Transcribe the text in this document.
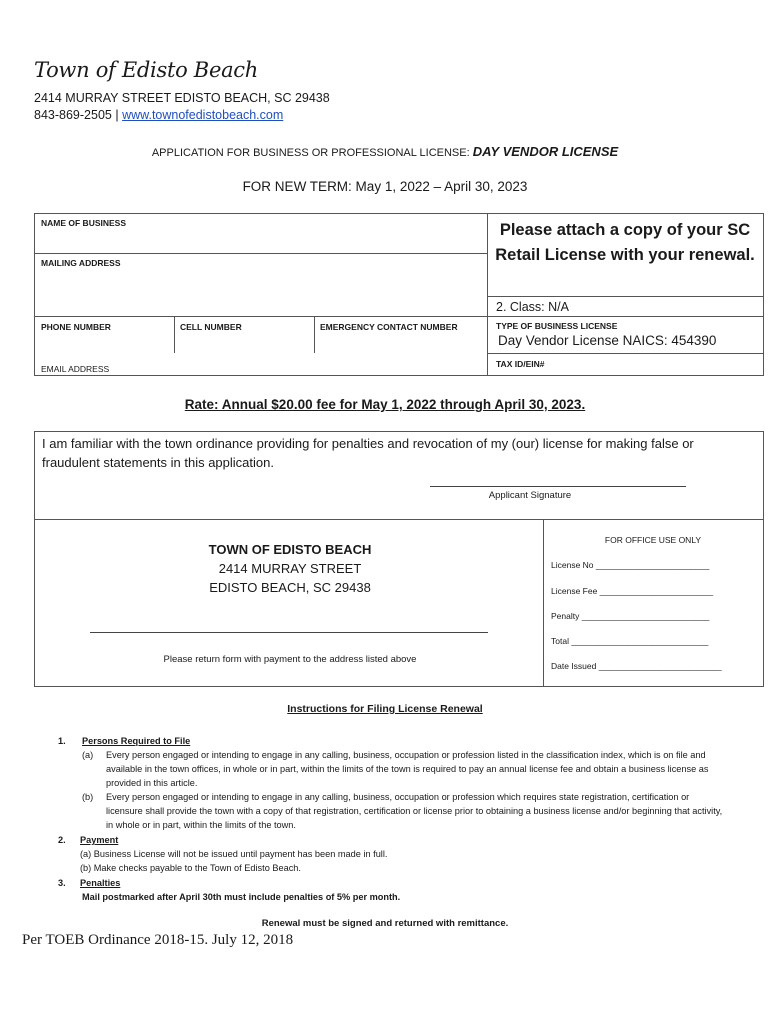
Town of Edisto Beach
2414 MURRAY STREET EDISTO BEACH, SC 29438
843-869-2505 | www.townofedistobeach.com
APPLICATION FOR BUSINESS OR PROFESSIONAL LICENSE: DAY VENDOR LICENSE
FOR NEW TERM: May 1, 2022 – April 30, 2023
NAME OF BUSINESS
MAILING ADDRESS
PHONE NUMBER	CELL NUMBER	EMERGENCY CONTACT NUMBER
EMAIL ADDRESS
Please attach a copy of your SC Retail License with your renewal.
2. Class: N/A
TYPE OF BUSINESS LICENSE
Day Vendor License NAICS: 454390
TAX ID/EIN#
Rate: Annual $20.00 fee for May 1, 2022 through April 30, 2023.
I am familiar with the town ordinance providing for penalties and revocation of my (our) license for making false or fraudulent statements in this application.
Applicant Signature
TOWN OF EDISTO BEACH
2414 MURRAY STREET
EDISTO BEACH, SC 29438
Please return form with payment to the address listed above
FOR OFFICE USE ONLY
License No ________________________
License Fee ________________________
Penalty ___________________________
Total _____________________________
Date Issued __________________________
Instructions for Filing License Renewal
1. Persons Required to File
(a) Every person engaged or intending to engage in any calling, business, occupation or profession listed in the classification index, which is on file and available in the town offices, in whole or in part, within the limits of the town is required to pay an annual license fee and obtain a business license as provided in this article.
(b) Every person engaged or intending to engage in any calling, business, occupation or profession which requires state registration, certification or licensure shall provide the town with a copy of that registration, certification or license prior to obtaining a business license and/or beginning that activity, in whole or in part, within the limits of the town.
2. Payment
(a) Business License will not be issued until payment has been made in full.
(b) Make checks payable to the Town of Edisto Beach.
3. Penalties
Mail postmarked after April 30th must include penalties of 5% per month.
Renewal must be signed and returned with remittance.
Per TOEB Ordinance 2018-15. July 12, 2018
